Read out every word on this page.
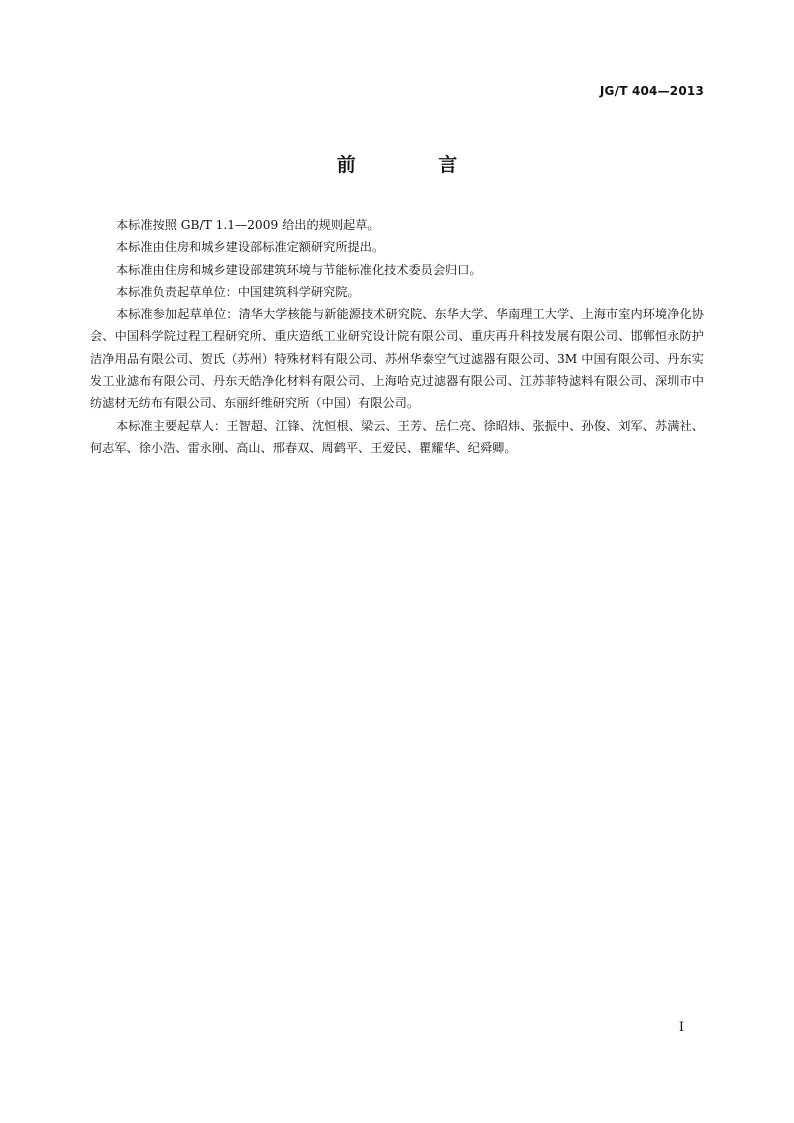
JG/T 404—2013
前 言

本标准按照 GB/T 1.1—2009 给出的规则起草。

本标准由住房和城乡建设部标准定额研究所提出。

本标准由住房和城乡建设部建筑环境与节能标准化技术委员会归口。

本标准负责起草单位：中国建筑科学研究院。

本标准参加起草单位：清华大学核能与新能源技术研究院、东华大学、华南理工大学、上海市室内环境净化协会、中国科学院过程工程研究所、重庆造纸工业研究设计院有限公司、重庆再升科技发展有限公司、邯郸恒永防护洁净用品有限公司、贺氏（苏州）特殊材料有限公司、苏州华泰空气过滤器有限公司、3M 中国有限公司、丹东实发工业滤布有限公司、丹东天皓净化材料有限公司、上海哈克过滤器有限公司、江苏菲特滤料有限公司、深圳市中纺滤材无纺布有限公司、东丽纤维研究所（中国）有限公司。

本标准主要起草人：王智超、江锋、沈恒根、梁云、王芳、岳仁亮、徐昭炜、张振中、孙俊、刘军、苏满社、何志军、徐小浩、雷永刚、高山、邢春双、周鹤平、王爱民、瞿耀华、纪舜卿。

I
